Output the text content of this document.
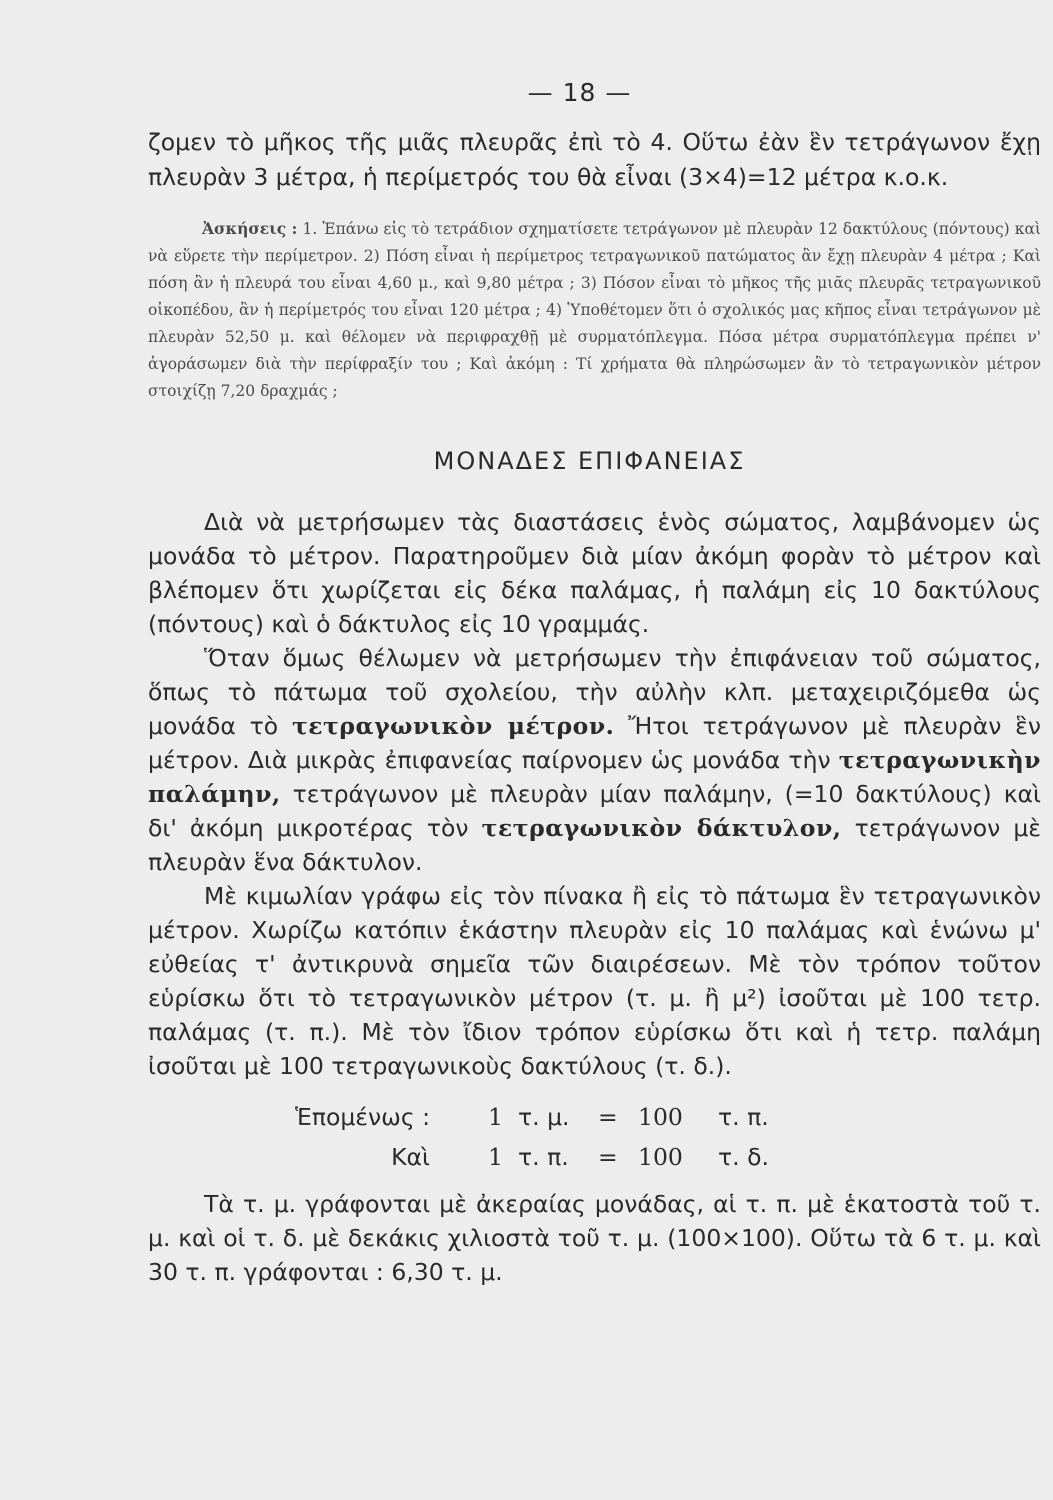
— 18 —

ζομεν τὸ μῆκος τῆς μιᾶς πλευρᾶς ἐπὶ τὸ 4. Οὕτω ἐὰν ἓν τετράγωνον ἔχῃ πλευρὰν 3 μέτρα, ἡ περίμετρός του θὰ εἶναι (3×4)=12 μέτρα κ.ο.κ.

Ἀσκήσεις : 1. Ἐπάνω εἰς τὸ τετράδιον σχηματίσετε τετράγωνον μὲ πλευρὰν 12 δακτύλους (πόντους) καὶ νὰ εὕρετε τὴν περίμετρον. 2) Πόση εἶναι ἡ περίμετρος τετραγωνικοῦ πατώματος ἂν ἔχῃ πλευρὰν 4 μέτρα ; Καὶ πόση ἂν ἡ πλευρά του εἶναι 4,60 μ., καὶ 9,80 μέτρα ; 3) Πόσον εἶναι τὸ μῆκος τῆς μιᾶς πλευρᾶς τετραγωνικοῦ οἰκοπέδου, ἂν ἡ περίμετρός του εἶναι 120 μέτρα ; 4) Ὑποθέτομεν ὅτι ὁ σχολικός μας κῆπος εἶναι τετράγωνον μὲ πλευρὰν 52,50 μ. καὶ θέλομεν νὰ περιφραχθῇ μὲ συρματόπλεγμα. Πόσα μέτρα συρματόπλεγμα πρέπει ν' ἀγοράσωμεν διὰ τὴν περίφραξίν του ; Καὶ ἀκόμη : Τί χρήματα θὰ πληρώσωμεν ἂν τὸ τετραγωνικὸν μέτρον στοιχίζῃ 7,20 δραχμάς ;
ΜΟΝΑΔΕΣ ΕΠΙΦΑΝΕΙΑΣ

Διὰ νὰ μετρήσωμεν τὰς διαστάσεις ἑνὸς σώματος, λαμβάνομεν ὡς μονάδα τὸ μέτρον. Παρατηροῦμεν διὰ μίαν ἀκόμη φορὰν τὸ μέτρον καὶ βλέπομεν ὅτι χωρίζεται εἰς δέκα παλάμας, ἡ παλάμη εἰς 10 δακτύλους (πόντους) καὶ ὁ δάκτυλος εἰς 10 γραμμάς.

Ὅταν ὅμως θέλωμεν νὰ μετρήσωμεν τὴν ἐπιφάνειαν τοῦ σώματος, ὅπως τὸ πάτωμα τοῦ σχολείου, τὴν αὐλὴν κλπ. μεταχειριζόμεθα ὡς μονάδα τὸ τετραγωνικὸν μέτρον. Ἤτοι τετράγωνον μὲ πλευρὰν ἓν μέτρον. Διὰ μικρὰς ἐπιφανείας παίρνομεν ὡς μονάδα τὴν τετραγωνικὴν παλάμην, τετράγωνον μὲ πλευρὰν μίαν παλάμην, (=10 δακτύλους) καὶ δι' ἀκόμη μικροτέρας τὸν τετραγωνικὸν δάκτυλον, τετράγωνον μὲ πλευρὰν ἕνα δάκτυλον.

Μὲ κιμωλίαν γράφω εἰς τὸν πίνακα ἢ εἰς τὸ πάτωμα ἓν τετραγωνικὸν μέτρον. Χωρίζω κατόπιν ἑκάστην πλευρὰν εἰς 10 παλάμας καὶ ἑνώνω μ' εὐθείας τ' ἀντικρυνὰ σημεῖα τῶν διαιρέσεων. Μὲ τὸν τρόπον τοῦτον εὑρίσκω ὅτι τὸ τετραγωνικὸν μέτρον (τ. μ. ἢ μ²) ἰσοῦται μὲ 100 τετρ. παλάμας (τ. π.). Μὲ τὸν ἴδιον τρόπον εὑρίσκω ὅτι καὶ ἡ τετρ. παλάμη ἰσοῦται μὲ 100 τετραγωνικοὺς δακτύλους (τ. δ.).

Ἑπομένως :	1 τ. μ.	= 100	τ. π.
Καὶ	1 τ. π.	= 100	τ. δ.

Τὰ τ. μ. γράφονται μὲ ἀκεραίας μονάδας, αἱ τ. π. μὲ ἑκατοστὰ τοῦ τ. μ. καὶ οἱ τ. δ. μὲ δεκάκις χιλιοστὰ τοῦ τ. μ. (100×100). Οὕτω τὰ 6 τ. μ. καὶ 30 τ. π. γράφονται : 6,30 τ. μ.
